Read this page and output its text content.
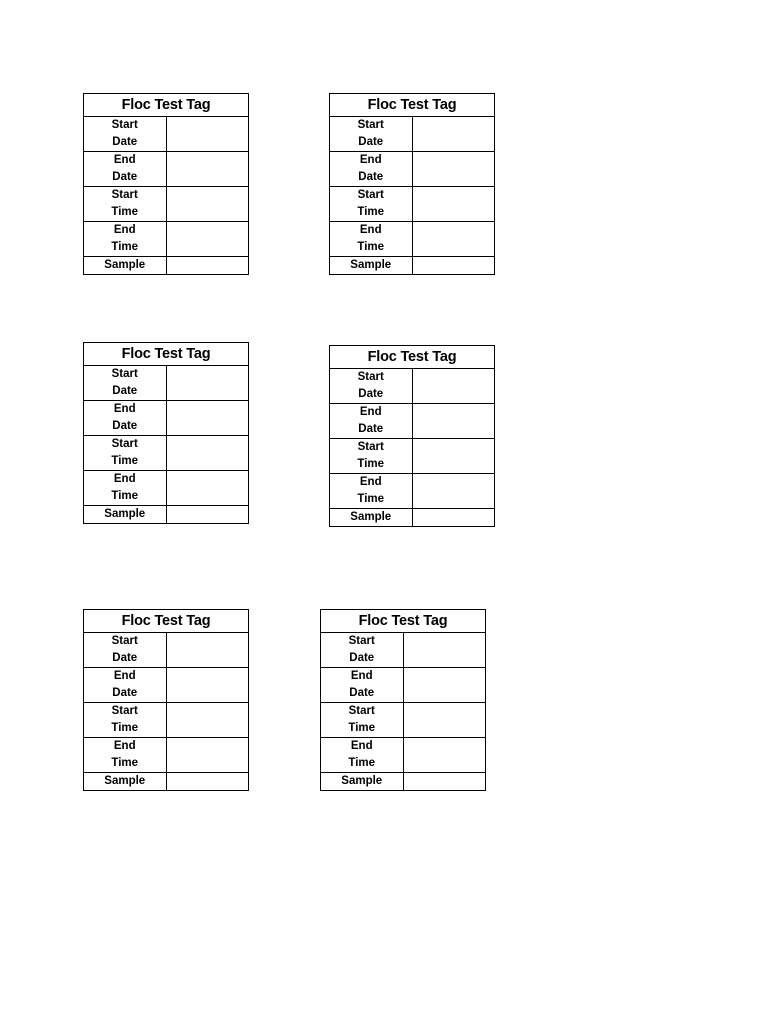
Floc Test Tag	
Start
Date	
End
Date	
Start
Time	
End
Time	
Sample	
Floc Test Tag	
Start
Date	
End
Date	
Start
Time	
End
Time	
Sample	
Floc Test Tag	
Start
Date	
End
Date	
Start
Time	
End
Time	
Sample	
Floc Test Tag	
Start
Date	
End
Date	
Start
Time	
End
Time	
Sample	
Floc Test Tag	
Start
Date	
End
Date	
Start
Time	
End
Time	
Sample	
Floc Test Tag	
Start
Date	
End
Date	
Start
Time	
End
Time	
Sample	
